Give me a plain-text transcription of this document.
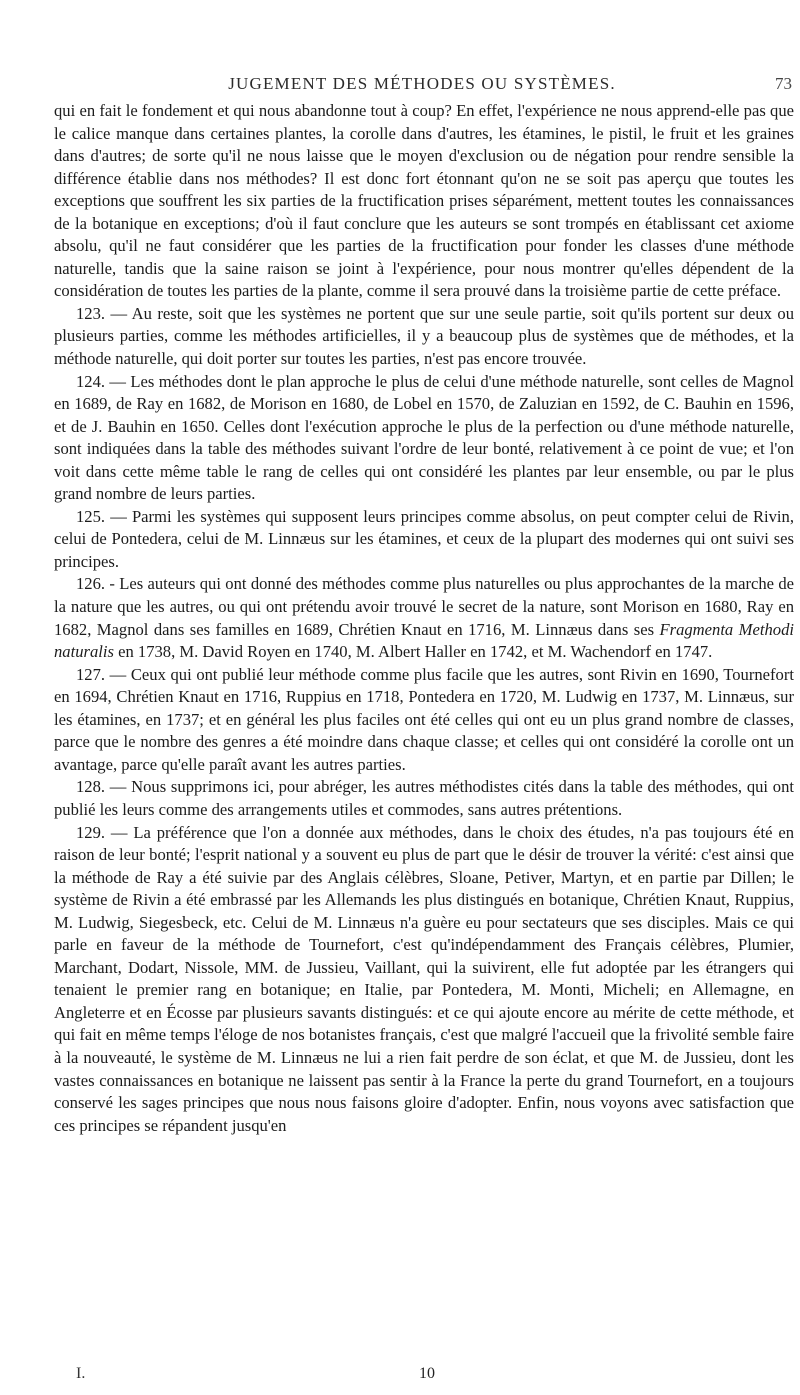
JUGEMENT DES MÉTHODES OU SYSTÈMES.	73

qui en fait le fondement et qui nous abandonne tout à coup? En effet, l'expérience ne nous apprend-elle pas que le calice manque dans certaines plantes, la corolle dans d'autres, les étamines, le pistil, le fruit et les graines dans d'autres; de sorte qu'il ne nous laisse que le moyen d'exclusion ou de négation pour rendre sensible la différence établie dans nos méthodes? Il est donc fort étonnant qu'on ne se soit pas aperçu que toutes les exceptions que souffrent les six parties de la fructification prises séparément, mettent toutes les connaissances de la botanique en exceptions; d'où il faut conclure que les auteurs se sont trompés en établissant cet axiome absolu, qu'il ne faut considérer que les parties de la fructification pour fonder les classes d'une méthode naturelle, tandis que la saine raison se joint à l'expérience, pour nous montrer qu'elles dépendent de la considération de toutes les parties de la plante, comme il sera prouvé dans la troisième partie de cette préface.

123. — Au reste, soit que les systèmes ne portent que sur une seule partie, soit qu'ils portent sur deux ou plusieurs parties, comme les méthodes artificielles, il y a beaucoup plus de systèmes que de méthodes, et la méthode naturelle, qui doit porter sur toutes les parties, n'est pas encore trouvée.

124. — Les méthodes dont le plan approche le plus de celui d'une méthode naturelle, sont celles de Magnol en 1689, de Ray en 1682, de Morison en 1680, de Lobel en 1570, de Zaluzian en 1592, de C. Bauhin en 1596, et de J. Bauhin en 1650. Celles dont l'exécution approche le plus de la perfection ou d'une méthode naturelle, sont indiquées dans la table des méthodes suivant l'ordre de leur bonté, relativement à ce point de vue; et l'on voit dans cette même table le rang de celles qui ont considéré les plantes par leur ensemble, ou par le plus grand nombre de leurs parties.

125. — Parmi les systèmes qui supposent leurs principes comme absolus, on peut compter celui de Rivin, celui de Pontedera, celui de M. Linnæus sur les étamines, et ceux de la plupart des modernes qui ont suivi ses principes.

126. - Les auteurs qui ont donné des méthodes comme plus naturelles ou plus approchantes de la marche de la nature que les autres, ou qui ont prétendu avoir trouvé le secret de la nature, sont Morison en 1680, Ray en 1682, Magnol dans ses familles en 1689, Chrétien Knaut en 1716, M. Linnæus dans ses Fragmenta Methodi naturalis en 1738, M. David Royen en 1740, M. Albert Haller en 1742, et M. Wachendorf en 1747.

127. — Ceux qui ont publié leur méthode comme plus facile que les autres, sont Rivin en 1690, Tournefort en 1694, Chrétien Knaut en 1716, Ruppius en 1718, Pontedera en 1720, M. Ludwig en 1737, M. Linnæus, sur les étamines, en 1737; et en général les plus faciles ont été celles qui ont eu un plus grand nombre de classes, parce que le nombre des genres a été moindre dans chaque classe; et celles qui ont considéré la corolle ont un avantage, parce qu'elle paraît avant les autres parties.

128. — Nous supprimons ici, pour abréger, les autres méthodistes cités dans la table des méthodes, qui ont publié les leurs comme des arrangements utiles et commodes, sans autres prétentions.

129. — La préférence que l'on a donnée aux méthodes, dans le choix des études, n'a pas toujours été en raison de leur bonté; l'esprit national y a souvent eu plus de part que le désir de trouver la vérité: c'est ainsi que la méthode de Ray a été suivie par des Anglais célèbres, Sloane, Petiver, Martyn, et en partie par Dillen; le système de Rivin a été embrassé par les Allemands les plus distingués en botanique, Chrétien Knaut, Ruppius, M. Ludwig, Siegesbeck, etc. Celui de M. Linnæus n'a guère eu pour sectateurs que ses disciples. Mais ce qui parle en faveur de la méthode de Tournefort, c'est qu'indépendamment des Français célèbres, Plumier, Marchant, Dodart, Nissole, MM. de Jussieu, Vaillant, qui la suivirent, elle fut adoptée par les étrangers qui tenaient le premier rang en botanique; en Italie, par Pontedera, M. Monti, Micheli; en Allemagne, en Angleterre et en Écosse par plusieurs savants distingués: et ce qui ajoute encore au mérite de cette méthode, et qui fait en même temps l'éloge de nos botanistes français, c'est que malgré l'accueil que la frivolité semble faire à la nouveauté, le système de M. Linnæus ne lui a rien fait perdre de son éclat, et que M. de Jussieu, dont les vastes connaissances en botanique ne laissent pas sentir à la France la perte du grand Tournefort, en a toujours conservé les sages principes que nous nous faisons gloire d'adopter. Enfin, nous voyons avec satisfaction que ces principes se répandent jusqu'en

I.	10
